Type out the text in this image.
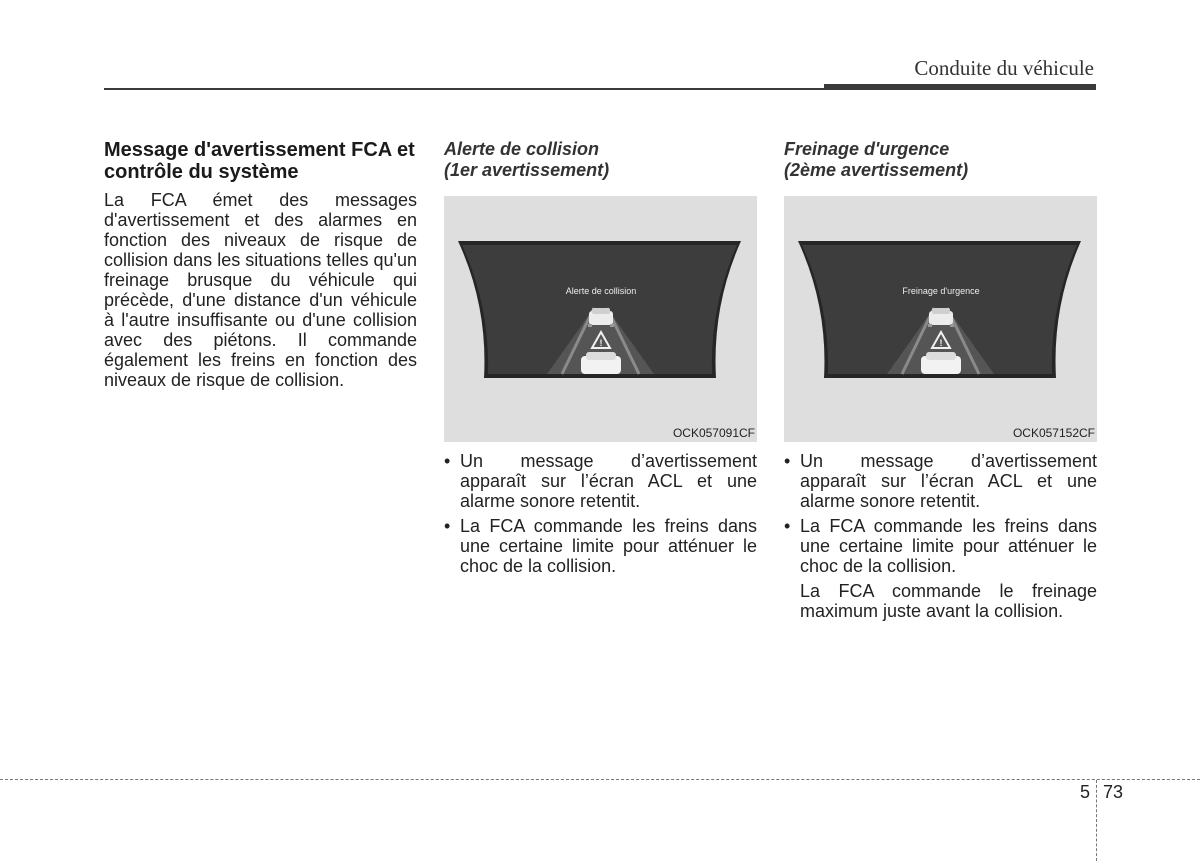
Conduite du véhicule
Message d'avertissement FCA et contrôle du système

La FCA émet des messages d'avertissement et des alarmes en fonction des niveaux de risque de collision dans les situations telles qu'un freinage brusque du véhicule qui précède, d'une distance d'un véhicule à l'autre insuffisante ou d'une collision avec des piétons. Il commande également les freins en fonction des niveaux de risque de collision.

Alerte de collision
(1er avertissement)
Freinage d'urgence
(2ème avertissement)
!
Alerte de collision
OCK057091CF
!
Freinage d'urgence
OCK057152CF
• Un message d’avertissement apparaît sur l’écran ACL et une alarme sonore retentit.
• La FCA commande les freins dans une certaine limite pour atténuer le choc de la collision.
• Un message d’avertissement apparaît sur l’écran ACL et une alarme sonore retentit.
• La FCA commande les freins dans une certaine limite pour atténuer le choc de la collision.

La FCA commande le freinage maximum juste avant la collision.

5 73
